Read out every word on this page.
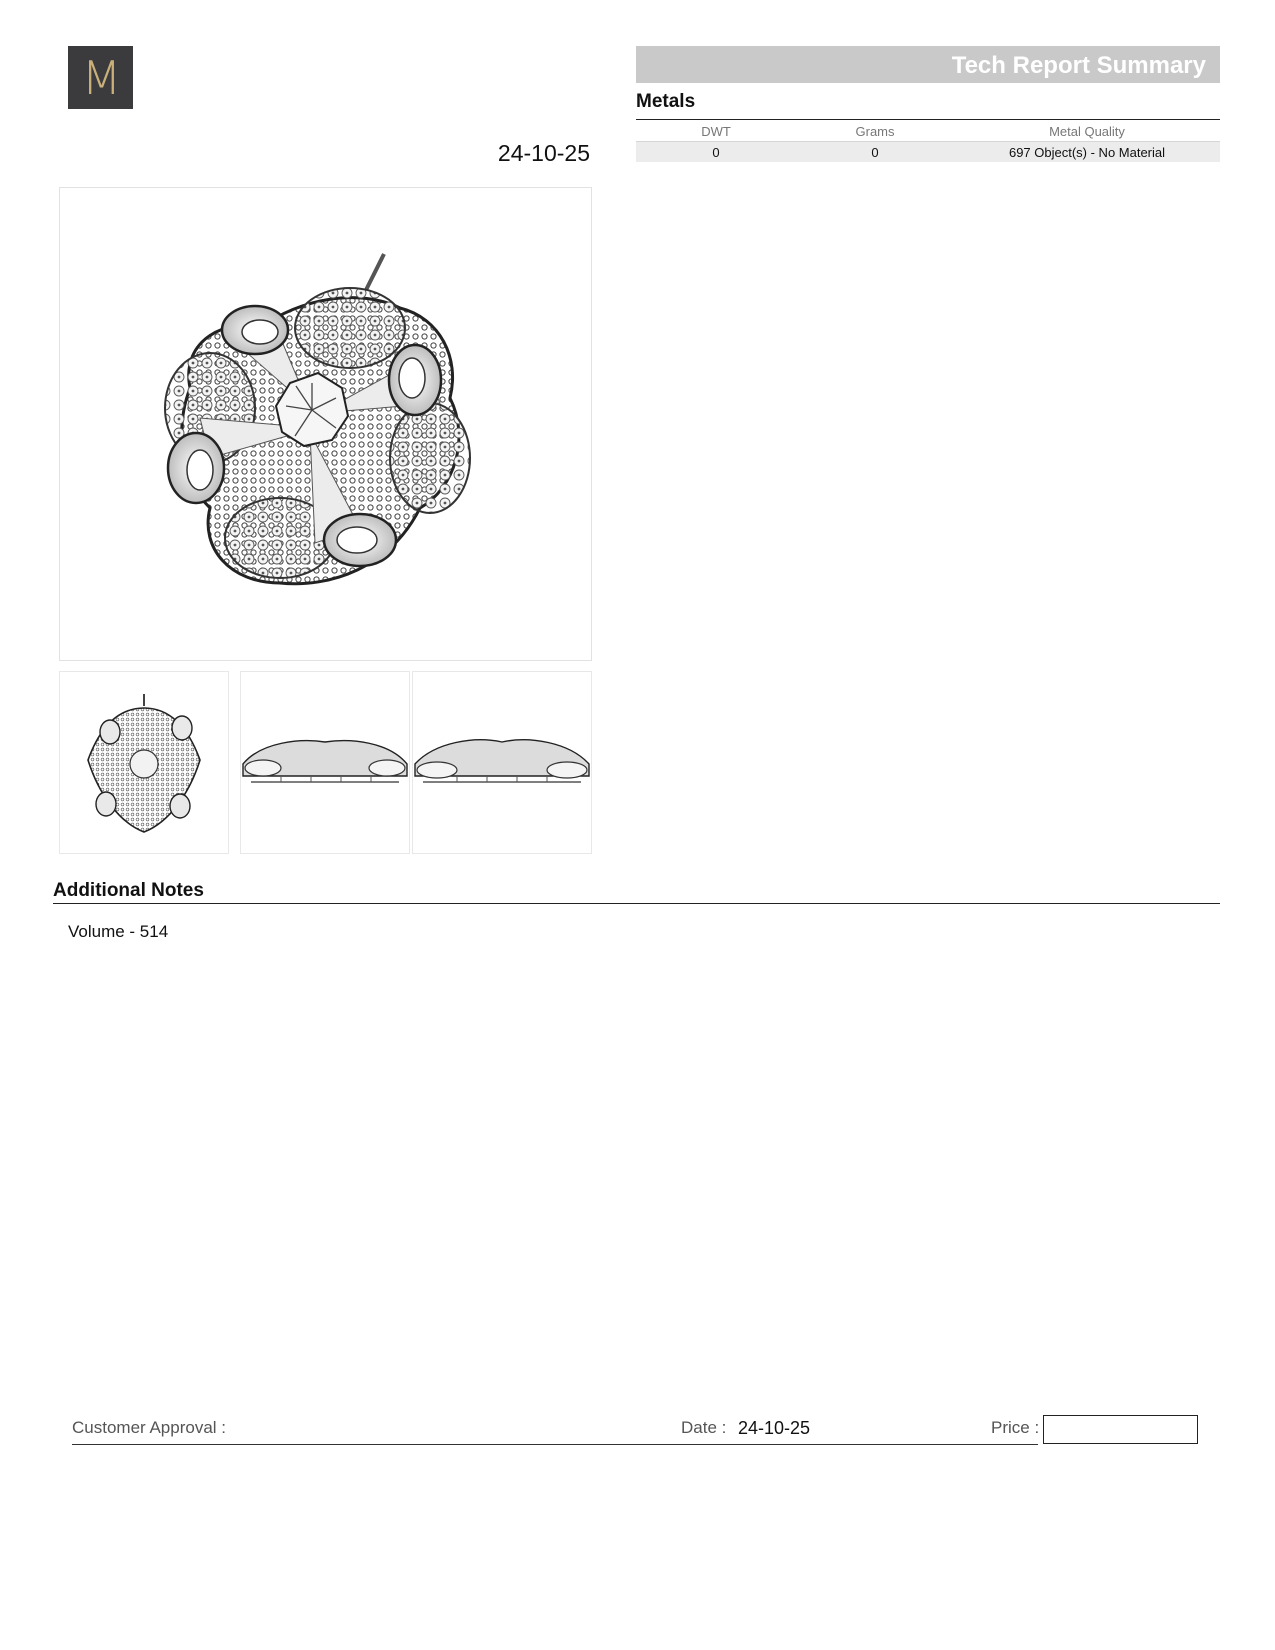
M
24-10-25
Tech Report Summary
Metals
DWT	Grams	Metal Quality
0	0	697 Object(s) - No Material
Additional Notes
Volume - 514
Customer Approval :	Date : 24-10-25	Price :
